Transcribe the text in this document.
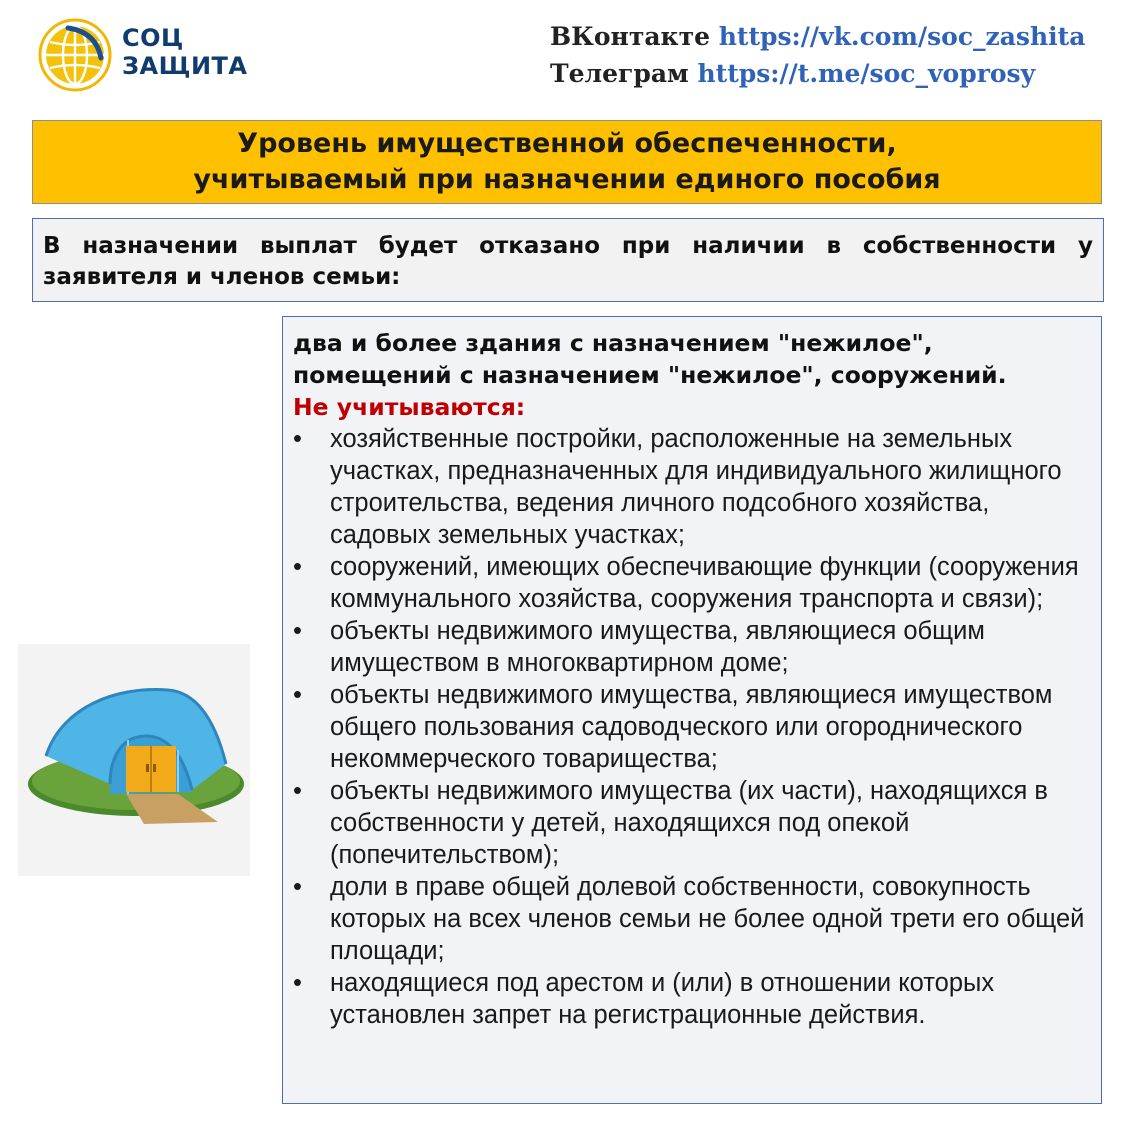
СОЦ
ЗАЩИТА
ВКонтакте https://vk.com/soc_zashita
Телеграм https://t.me/soc_voprosy
Уровень имущественной обеспеченности,
учитываемый при назначении единого пособия
В назначении выплат будет отказано при наличии в собственности у заявителя и членов семьи:
два и более здания с назначением "нежилое", помещений с назначением "нежилое", сооружений.
Не учитываются:
• хозяйственные постройки, расположенные на земельных участках, предназначенных для индивидуального жилищного строительства, ведения личного подсобного хозяйства, садовых земельных участках;
• сооружений, имеющих обеспечивающие функции (сооружения коммунального хозяйства, сооружения транспорта и связи);
• объекты недвижимого имущества, являющиеся общим имуществом в многоквартирном доме;
• объекты недвижимого имущества, являющиеся имуществом общего пользования садоводческого или огороднического некоммерческого товарищества;
• объекты недвижимого имущества (их части), находящихся в собственности у детей, находящихся под опекой (попечительством);
• доли в праве общей долевой собственности, совокупность которых на всех членов семьи не более одной трети его общей площади;
• находящиеся под арестом и (или) в отношении которых установлен запрет на регистрационные действия.
